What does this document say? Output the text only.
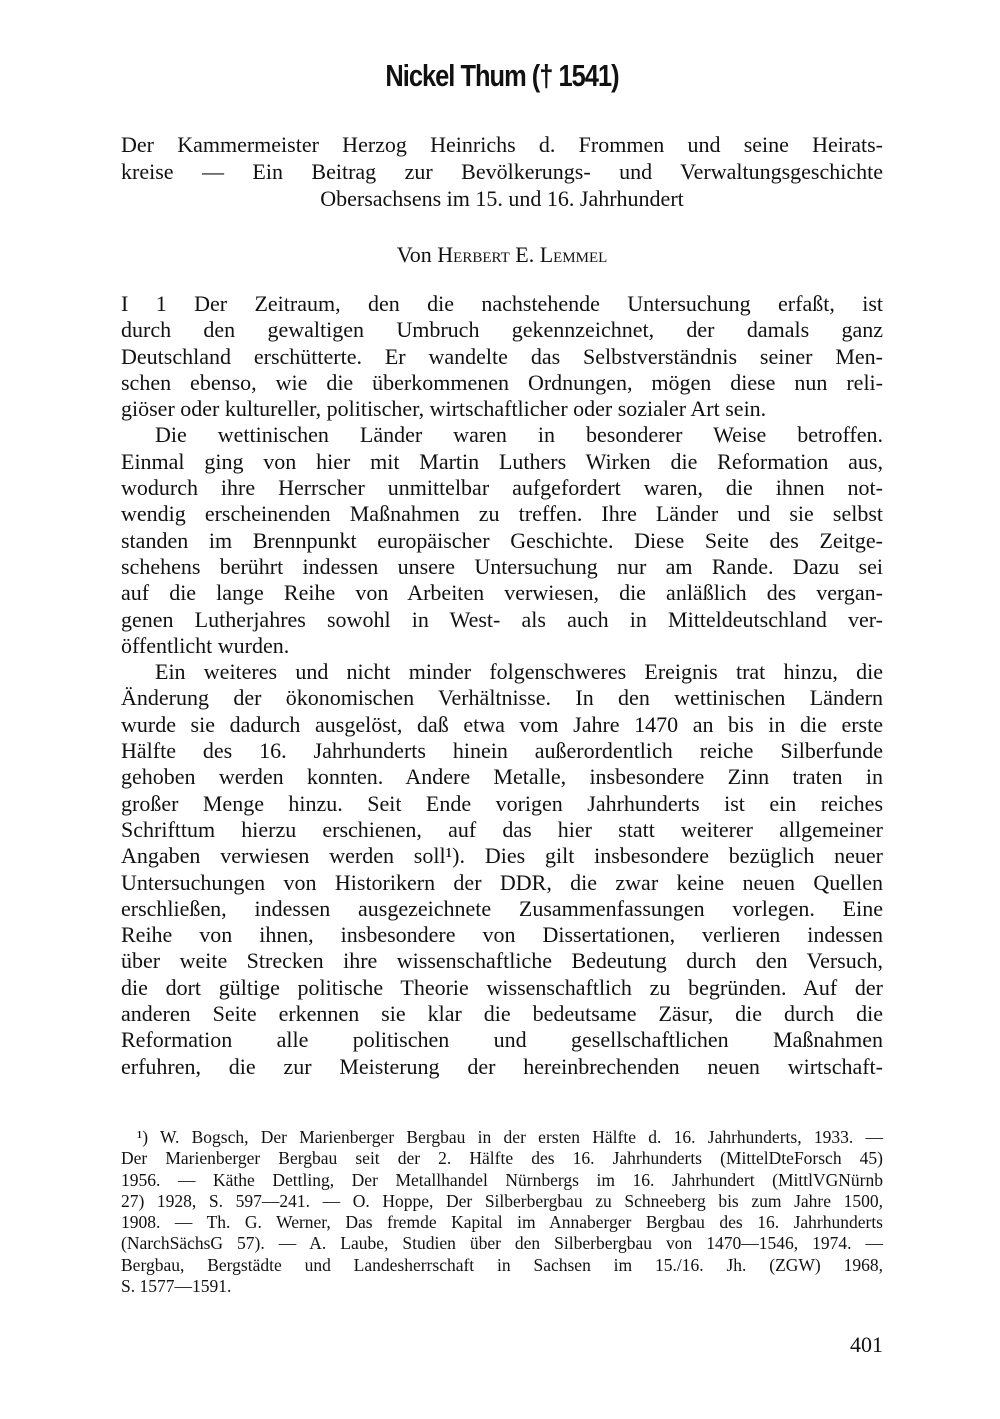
Nickel Thum († 1541)
Der Kammermeister Herzog Heinrichs d. Frommen und seine Heirats-
kreise — Ein Beitrag zur Bevölkerungs- und Verwaltungsgeschichte
Obersachsens im 15. und 16. Jahrhundert
Von Herbert E. Lemmel
I 1 Der Zeitraum, den die nachstehende Untersuchung erfaßt, ist
durch den gewaltigen Umbruch gekennzeichnet, der damals ganz
Deutschland erschütterte. Er wandelte das Selbstverständnis seiner Men-
schen ebenso, wie die überkommenen Ordnungen, mögen diese nun reli-
giöser oder kultureller, politischer, wirtschaftlicher oder sozialer Art sein.
Die wettinischen Länder waren in besonderer Weise betroffen.
Einmal ging von hier mit Martin Luthers Wirken die Reformation aus,
wodurch ihre Herrscher unmittelbar aufgefordert waren, die ihnen not-
wendig erscheinenden Maßnahmen zu treffen. Ihre Länder und sie selbst
standen im Brennpunkt europäischer Geschichte. Diese Seite des Zeitge-
schehens berührt indessen unsere Untersuchung nur am Rande. Dazu sei
auf die lange Reihe von Arbeiten verwiesen, die anläßlich des vergan-
genen Lutherjahres sowohl in West- als auch in Mitteldeutschland ver-
öffentlicht wurden.
Ein weiteres und nicht minder folgenschweres Ereignis trat hinzu, die
Änderung der ökonomischen Verhältnisse. In den wettinischen Ländern
wurde sie dadurch ausgelöst, daß etwa vom Jahre 1470 an bis in die erste
Hälfte des 16. Jahrhunderts hinein außerordentlich reiche Silberfunde
gehoben werden konnten. Andere Metalle, insbesondere Zinn traten in
großer Menge hinzu. Seit Ende vorigen Jahrhunderts ist ein reiches
Schrifttum hierzu erschienen, auf das hier statt weiterer allgemeiner
Angaben verwiesen werden soll¹). Dies gilt insbesondere bezüglich neuer
Untersuchungen von Historikern der DDR, die zwar keine neuen Quellen
erschließen, indessen ausgezeichnete Zusammenfassungen vorlegen. Eine
Reihe von ihnen, insbesondere von Dissertationen, verlieren indessen
über weite Strecken ihre wissenschaftliche Bedeutung durch den Versuch,
die dort gültige politische Theorie wissenschaftlich zu begründen. Auf der
anderen Seite erkennen sie klar die bedeutsame Zäsur, die durch die
Reformation alle politischen und gesellschaftlichen Maßnahmen
erfuhren, die zur Meisterung der hereinbrechenden neuen wirtschaft-
¹) W. Bogsch, Der Marienberger Bergbau in der ersten Hälfte d. 16. Jahrhunderts, 1933. —
Der Marienberger Bergbau seit der 2. Hälfte des 16. Jahrhunderts (MittelDteForsch 45)
1956. — Käthe Dettling, Der Metallhandel Nürnbergs im 16. Jahrhundert (MittlVGNürnb
27) 1928, S. 597—241. — O. Hoppe, Der Silberbergbau zu Schneeberg bis zum Jahre 1500,
1908. — Th. G. Werner, Das fremde Kapital im Annaberger Bergbau des 16. Jahrhunderts
(NarchSächsG 57). — A. Laube, Studien über den Silberbergbau von 1470—1546, 1974. —
Bergbau, Bergstädte und Landesherrschaft in Sachsen im 15./16. Jh. (ZGW) 1968,
S. 1577—1591.
401
